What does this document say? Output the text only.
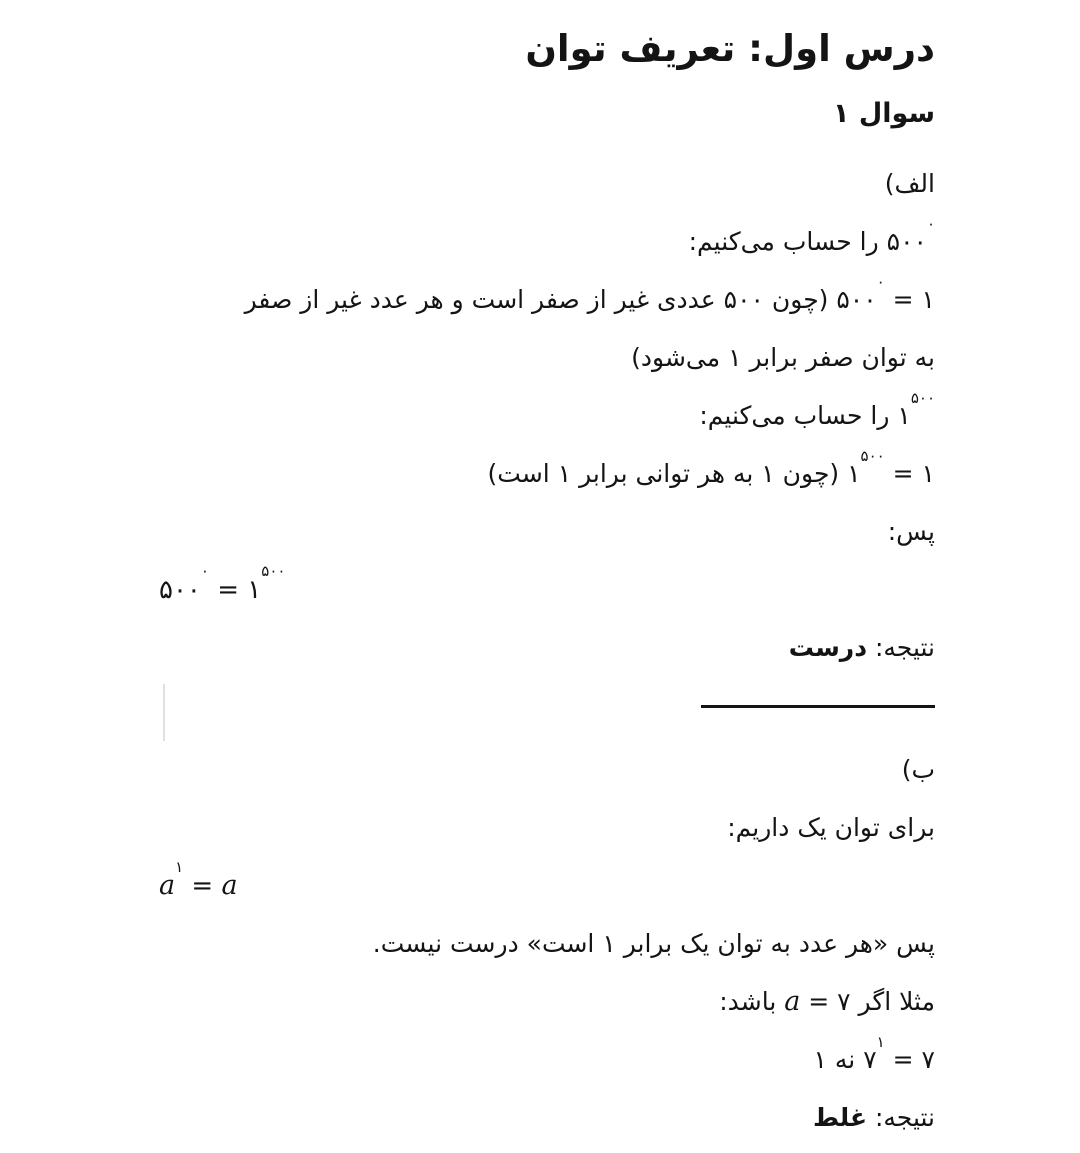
درس اول: تعریف توان
سوال ۱

الف)

$۵۰۰^۰$ را حساب می‌کنیم:

$۵۰۰^۰$ = ۱ (چون ۵۰۰ عددی غیر از صفر است و هر عدد غیر از صفر

به توان صفر برابر ۱ می‌شود)

$۱^{۵۰۰}$ را حساب می‌کنیم:

$۱^{۵۰۰}$ = ۱ (چون ۱ به هر توانی برابر ۱ است)

پس:

$۵۰۰^۰$ = $۱^{۵۰۰}$

نتیجه: درست

ب)

برای توان یک داریم:

$a^۱ = a$

پس «هر عدد به توان یک برابر ۱ است» درست نیست.

مثلا اگر a = ۷ باشد:

$۷^۱$ = ۷ نه ۱

نتیجه: غلط
